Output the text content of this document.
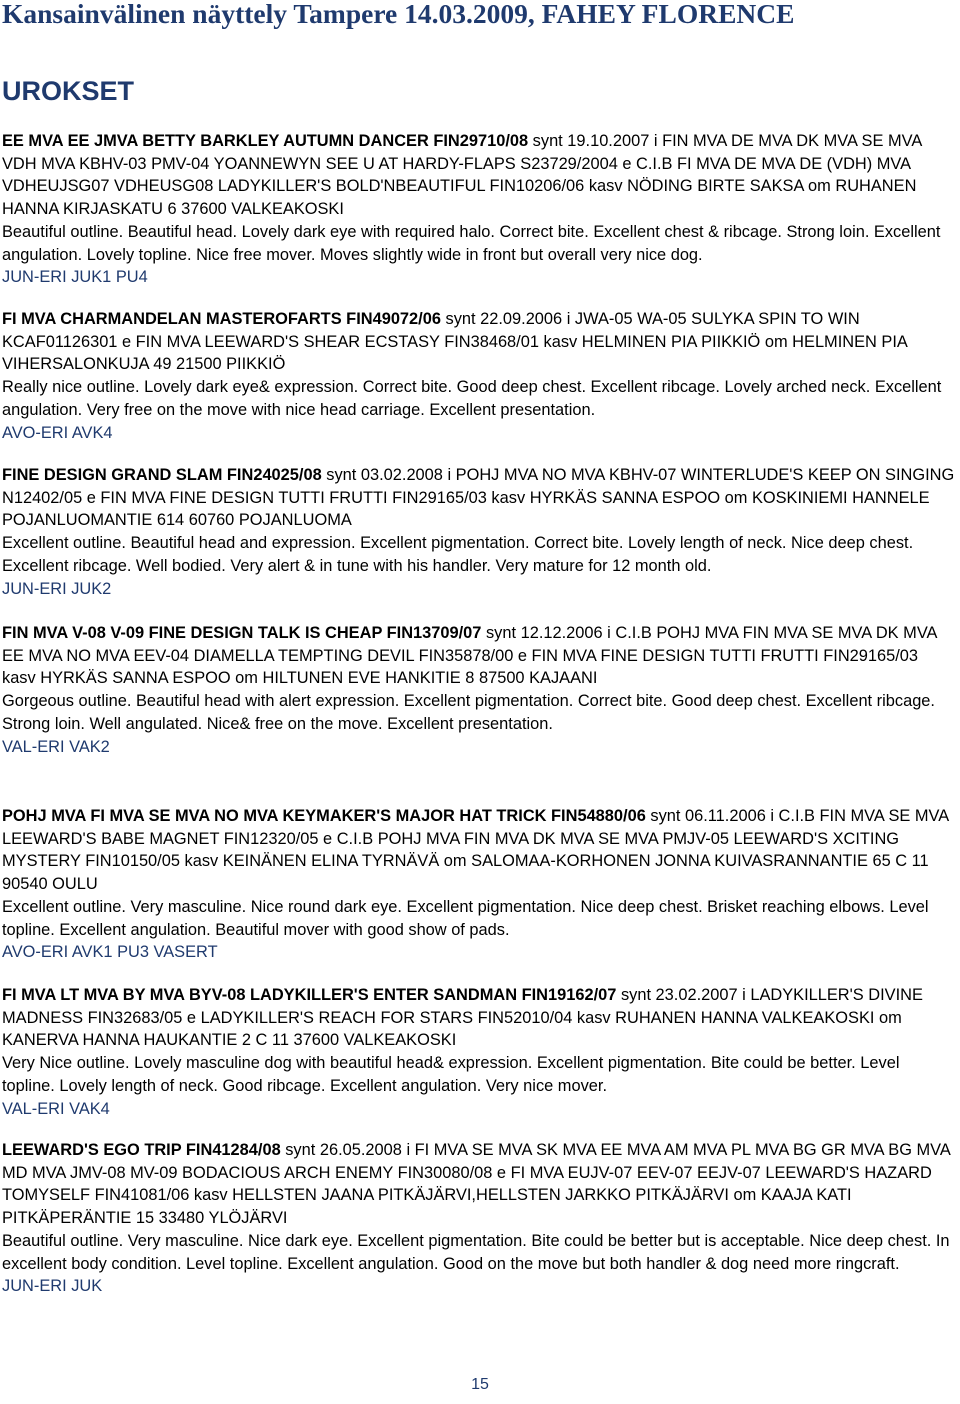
Kansainvälinen näyttely Tampere 14.03.2009, FAHEY FLORENCE
UROKSET

EE MVA EE JMVA BETTY BARKLEY AUTUMN DANCER FIN29710/08 synt 19.10.2007 i FIN MVA DE MVA DK MVA SE MVA VDH MVA KBHV-03 PMV-04 YOANNEWYN SEE U AT HARDY-FLAPS S23729/2004 e C.I.B FI MVA DE MVA DE (VDH) MVA VDHEUJSG07 VDHEUSG08 LADYKILLER'S BOLD'NBEAUTIFUL FIN10206/06 kasv NÖDING BIRTE SAKSA om RUHANEN HANNA KIRJASKATU 6 37600 VALKEAKOSKI

Beautiful outline. Beautiful head. Lovely dark eye with required halo. Correct bite. Excellent chest & ribcage. Strong loin. Excellent angulation. Lovely topline. Nice free mover. Moves slightly wide in front but overall very nice dog.

JUN-ERI JUK1 PU4

FI MVA CHARMANDELAN MASTEROFARTS FIN49072/06 synt 22.09.2006 i JWA-05 WA-05 SULYKA SPIN TO WIN KCAF01126301 e FIN MVA LEEWARD'S SHEAR ECSTASY FIN38468/01 kasv HELMINEN PIA PIIKKIÖ om HELMINEN PIA VIHERSALONKUJA 49 21500 PIIKKIÖ

Really nice outline. Lovely dark eye& expression. Correct bite. Good deep chest. Excellent ribcage. Lovely arched neck. Excellent angulation. Very free on the move with nice head carriage. Excellent presentation.

AVO-ERI AVK4

FINE DESIGN GRAND SLAM FIN24025/08 synt 03.02.2008 i POHJ MVA NO MVA KBHV-07 WINTERLUDE'S KEEP ON SINGING N12402/05 e FIN MVA FINE DESIGN TUTTI FRUTTI FIN29165/03 kasv HYRKÄS SANNA ESPOO om KOSKINIEMI HANNELE POJANLUOMANTIE 614 60760 POJANLUOMA

Excellent outline. Beautiful head and expression. Excellent pigmentation. Correct bite. Lovely length of neck. Nice deep chest. Excellent ribcage. Well bodied. Very alert & in tune with his handler. Very mature for 12 month old.

JUN-ERI JUK2

FIN MVA V-08 V-09 FINE DESIGN TALK IS CHEAP FIN13709/07 synt 12.12.2006 i C.I.B POHJ MVA FIN MVA SE MVA DK MVA EE MVA NO MVA EEV-04 DIAMELLA TEMPTING DEVIL FIN35878/00 e FIN MVA FINE DESIGN TUTTI FRUTTI FIN29165/03 kasv HYRKÄS SANNA ESPOO om HILTUNEN EVE HANKITIE 8 87500 KAJAANI

Gorgeous outline. Beautiful head with alert expression. Excellent pigmentation. Correct bite. Good deep chest. Excellent ribcage. Strong loin. Well angulated. Nice& free on the move. Excellent presentation.

VAL-ERI VAK2

POHJ MVA FI MVA SE MVA NO MVA KEYMAKER'S MAJOR HAT TRICK FIN54880/06 synt 06.11.2006 i C.I.B FIN MVA SE MVA LEEWARD'S BABE MAGNET FIN12320/05 e C.I.B POHJ MVA FIN MVA DK MVA SE MVA PMJV-05 LEEWARD'S XCITING MYSTERY FIN10150/05 kasv KEINÄNEN ELINA TYRNÄVÄ om SALOMAA-KORHONEN JONNA KUIVASRANNANTIE 65 C 11 90540 OULU

Excellent outline. Very masculine. Nice round dark eye. Excellent pigmentation. Nice deep chest. Brisket reaching elbows. Level topline. Excellent angulation. Beautiful mover with good show of pads.

AVO-ERI AVK1 PU3 VASERT

FI MVA LT MVA BY MVA BYV-08 LADYKILLER'S ENTER SANDMAN FIN19162/07 synt 23.02.2007 i LADYKILLER'S DIVINE MADNESS FIN32683/05 e LADYKILLER'S REACH FOR STARS FIN52010/04 kasv RUHANEN HANNA VALKEAKOSKI om KANERVA HANNA HAUKANTIE 2 C 11 37600 VALKEAKOSKI

Very Nice outline. Lovely masculine dog with beautiful head& expression. Excellent pigmentation. Bite could be better. Level topline. Lovely length of neck. Good ribcage. Excellent angulation. Very nice mover.

VAL-ERI VAK4

LEEWARD'S EGO TRIP FIN41284/08 synt 26.05.2008 i FI MVA SE MVA SK MVA EE MVA AM MVA PL MVA BG GR MVA BG MVA MD MVA JMV-08 MV-09 BODACIOUS ARCH ENEMY FIN30080/08 e FI MVA EUJV-07 EEV-07 EEJV-07 LEEWARD'S HAZARD TOMYSELF FIN41081/06 kasv HELLSTEN JAANA PITKÄJÄRVI,HELLSTEN JARKKO PITKÄJÄRVI om KAAJA KATI PITKÄPERÄNTIE 15 33480 YLÖJÄRVI

Beautiful outline. Very masculine. Nice dark eye. Excellent pigmentation. Bite could be better but is acceptable. Nice deep chest. In excellent body condition. Level topline. Excellent angulation. Good on the move but both handler & dog need more ringcraft.

JUN-ERI JUK

15
